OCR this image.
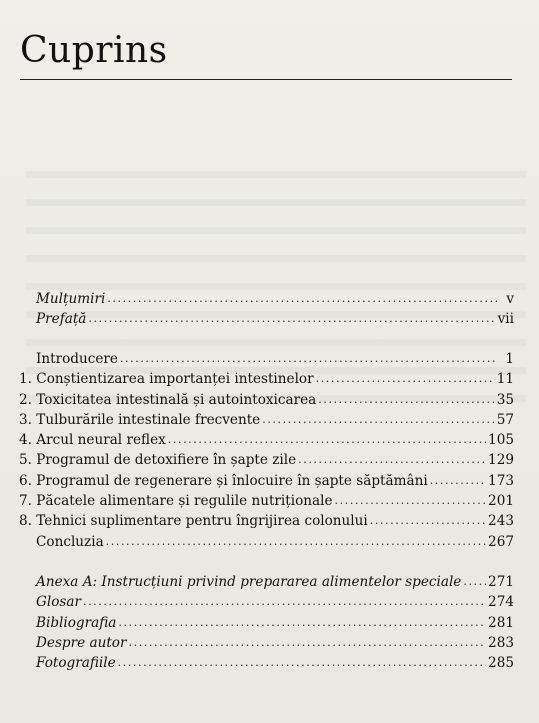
Cuprins
Mulțumiri .....	v
Prefață .....	vii
Introducere .....	1
1. Conștientizarea importanței intestinelor .....	11
2. Toxicitatea intestinală și autointoxicarea .....	35
3. Tulburările intestinale frecvente .....	57
4. Arcul neural reflex .....	105
5. Programul de detoxifiere în șapte zile .....	129
6. Programul de regenerare și înlocuire în șapte săptămâni .....	173
7. Păcatele alimentare și regulile nutriționale .....	201
8. Tehnici suplimentare pentru îngrijirea colonului .....	243
Concluzia .....	267
Anexa A: Instrucțiuni privind prepararea alimentelor speciale ..... 271
Glosar .....	274
Bibliografia .....	281
Despre autor .....	283
Fotografiile .....	285
